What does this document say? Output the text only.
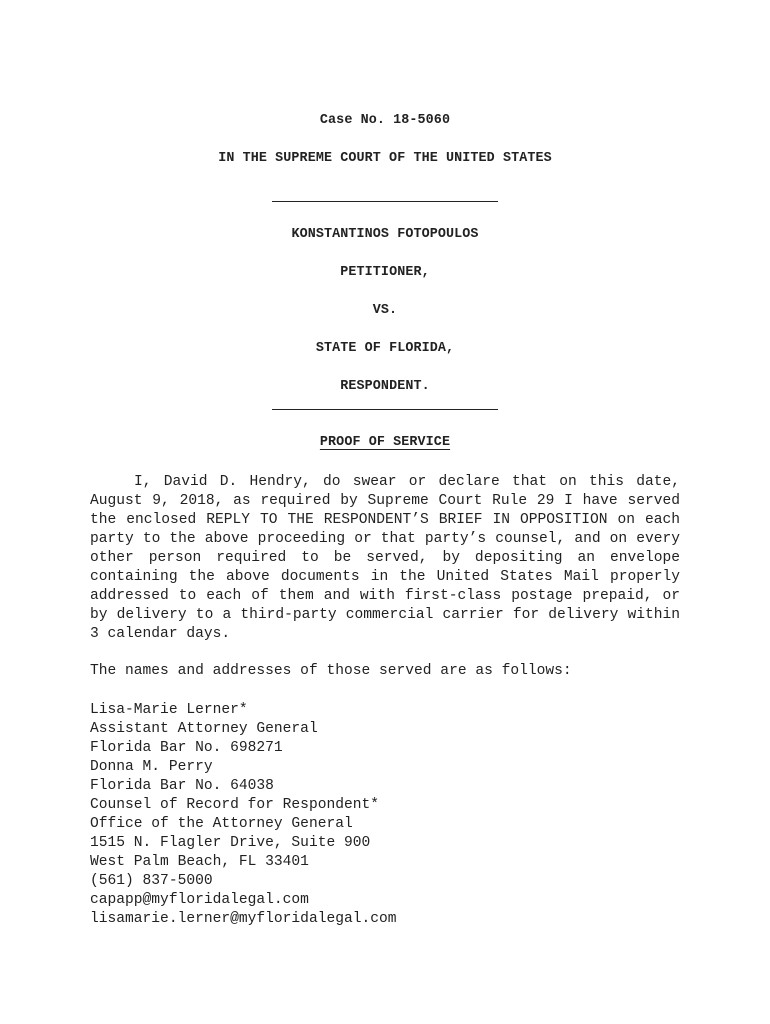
Case No. 18-5060
IN THE SUPREME COURT OF THE UNITED STATES
KONSTANTINOS FOTOPOULOS
PETITIONER,
VS.
STATE OF FLORIDA,
RESPONDENT.
PROOF OF SERVICE
I, David D. Hendry, do swear or declare that on this date, August 9, 2018, as required by Supreme Court Rule 29 I have served the enclosed REPLY TO THE RESPONDENT’S BRIEF IN OPPOSITION on each party to the above proceeding or that party’s counsel, and on every other person required to be served, by depositing an envelope containing the above documents in the United States Mail properly addressed to each of them and with first-class postage prepaid, or by delivery to a third-party commercial carrier for delivery within 3 calendar days.
The names and addresses of those served are as follows:
Lisa-Marie Lerner*
Assistant Attorney General
Florida Bar No. 698271
Donna M. Perry
Florida Bar No. 64038
Counsel of Record for Respondent*
Office of the Attorney General
1515 N. Flagler Drive, Suite 900
West Palm Beach, FL 33401
(561) 837-5000
capapp@myfloridalegal.com
lisamarie.lerner@myfloridalegal.com
